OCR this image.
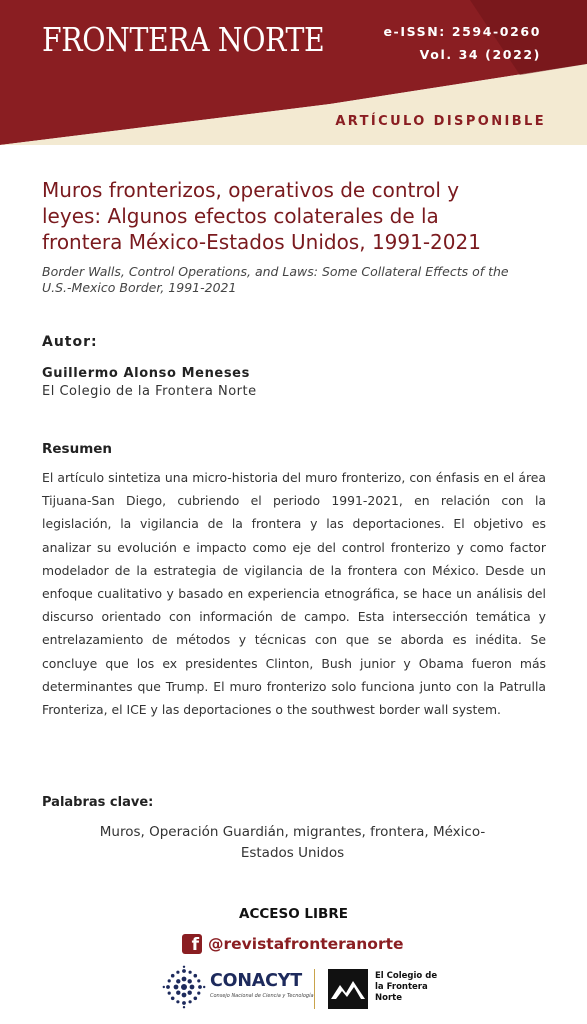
FRONTERA NORTE	e-ISSN: 2594-0260

Vol. 34 (2022)

ARTÍCULO DISPONIBLE

Muros fronterizos, operativos de control y leyes: Algunos efectos colaterales de la frontera México-Estados Unidos, 1991-2021

Border Walls, Control Operations, and Laws: Some Collateral Effects of the U.S.-Mexico Border, 1991-2021

Autor:

Guillermo Alonso Meneses

El Colegio de la Frontera Norte

Resumen

El artículo sintetiza una micro-historia del muro fronterizo, con énfasis en el área Tijuana-San Diego, cubriendo el periodo 1991-2021, en relación con la legislación, la vigilancia de la frontera y las deportaciones. El objetivo es analizar su evolución e impacto como eje del control fronterizo y como factor modelador de la estrategia de vigilancia de la frontera con México. Desde un enfoque cualitativo y basado en experiencia etnográfica, se hace un análisis del discurso orientado con información de campo. Esta intersección temática y entrelazamiento de métodos y técnicas con que se aborda es inédita. Se concluye que los ex presidentes Clinton, Bush junior y Obama fueron más determinantes que Trump. El muro fronterizo solo funciona junto con la Patrulla Fronteriza, el ICE y las deportaciones o the southwest border wall system.

Palabras clave:

Muros, Operación Guardián, migrantes, frontera, México-Estados Unidos

ACCESO LIBRE

f @revistafronteranorte

CONACYT

Consejo Nacional de Ciencia y Tecnología

El Colegio de la Frontera Norte
